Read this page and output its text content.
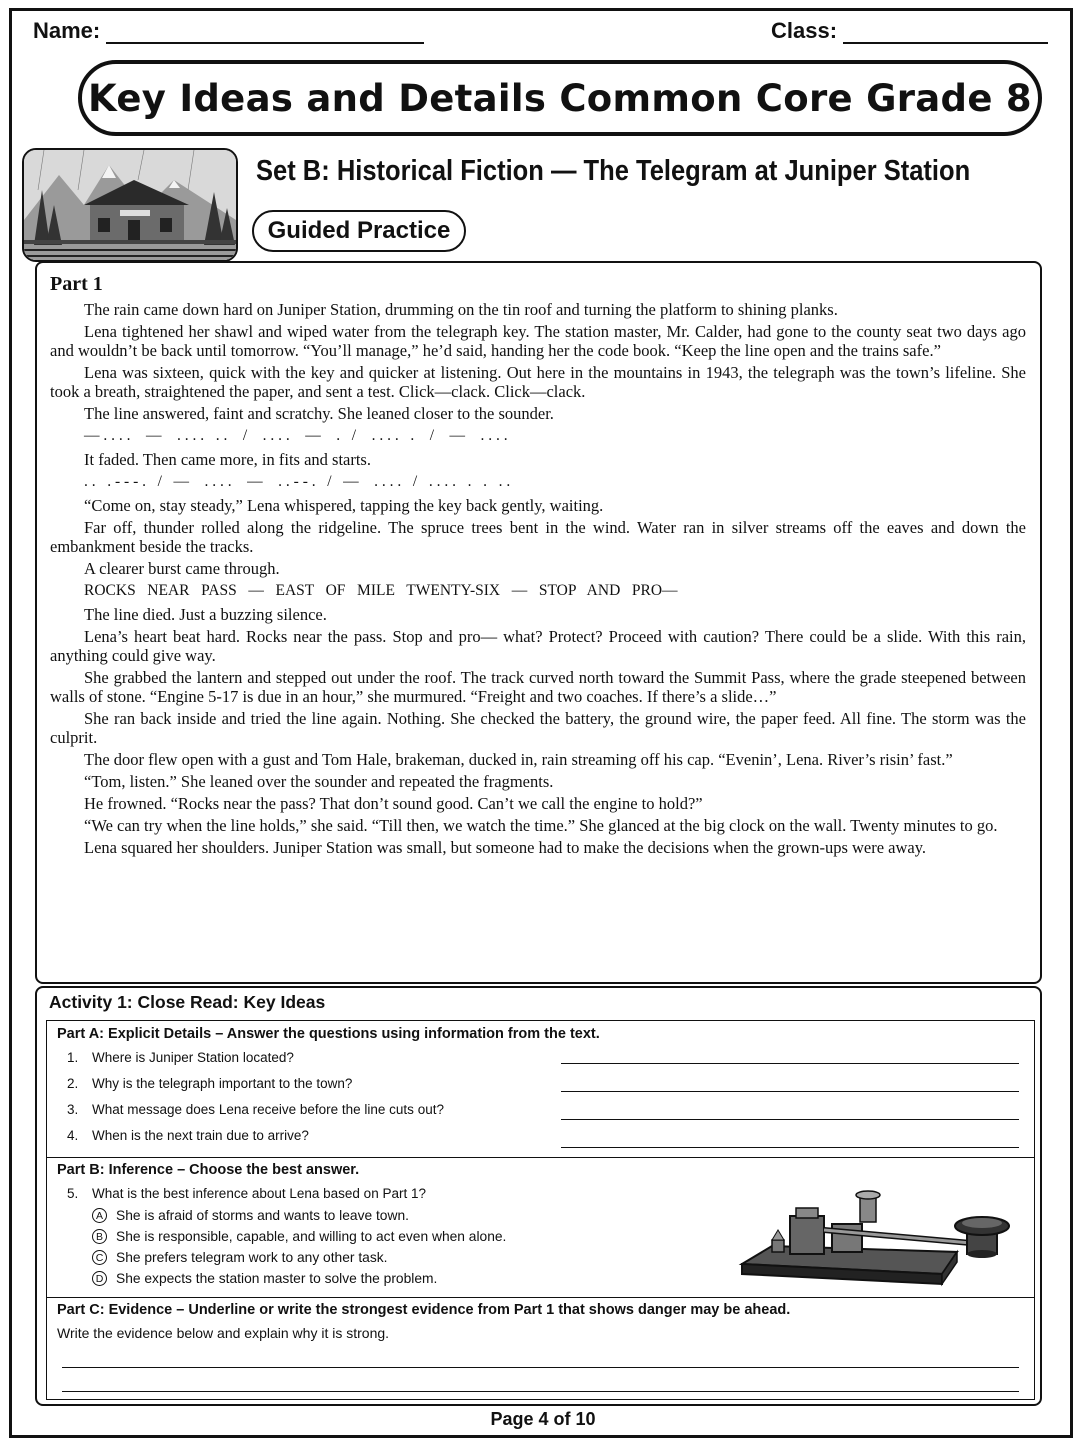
Name:	Class:
Key Ideas and Details Common Core Grade 8
Set B: Historical Fiction — The Telegram at Juniper Station
Guided Practice
Part 1

The rain came down hard on Juniper Station, drumming on the tin roof and turning the platform to shining planks.

Lena tightened her shawl and wiped water from the telegraph key. The station master, Mr. Calder, had gone to the county seat two days ago and wouldn’t be back until tomorrow. “You’ll manage,” he’d said, handing her the code book. “Keep the line open and the trains safe.”

Lena was sixteen, quick with the key and quicker at listening. Out here in the mountains in 1943, the telegraph was the town’s lifeline. She took a breath, straightened the paper, and sent a test. Click—clack. Click—clack.

The line answered, faint and scratchy. She leaned closer to the sounder.

— . . . .    —    . . . .   . .    /    . . . .    —    .   /    . . . .   .    /    —    . . . .

It faded. Then came more, in fits and starts.

. .   . - - - .   /   —    . . . .    —    . . - - .   /   —    . . . .   /   . . . .   .   .   . .

“Come on, stay steady,” Lena whispered, tapping the key back gently, waiting.

Far off, thunder rolled along the ridgeline. The spruce trees bent in the wind. Water ran in silver streams off the eaves and down the embankment beside the tracks.

A clearer burst came through.

ROCKS   NEAR   PASS   —   EAST   OF   MILE   TWENTY-SIX   —   STOP   AND   PRO—

The line died. Just a buzzing silence.

Lena’s heart beat hard. Rocks near the pass. Stop and pro— what? Protect? Proceed with caution? There could be a slide. With this rain, anything could give way.

She grabbed the lantern and stepped out under the roof. The track curved north toward the Summit Pass, where the grade steepened between walls of stone. “Engine 5-17 is due in an hour,” she murmured. “Freight and two coaches. If there’s a slide…”

She ran back inside and tried the line again. Nothing. She checked the battery, the ground wire, the paper feed. All fine. The storm was the culprit.

The door flew open with a gust and Tom Hale, brakeman, ducked in, rain streaming off his cap. “Evenin’, Lena. River’s risin’ fast.”

“Tom, listen.” She leaned over the sounder and repeated the fragments.

He frowned. “Rocks near the pass? That don’t sound good. Can’t we call the engine to hold?”

“We can try when the line holds,” she said. “Till then, we watch the time.” She glanced at the big clock on the wall. Twenty minutes to go.

Lena squared her shoulders. Juniper Station was small, but someone had to make the decisions when the grown-ups were away.

Activity 1: Close Read: Key Ideas
Part A: Explicit Details – Answer the questions using information from the text.
1. Where is Juniper Station located?
2. Why is the telegraph important to the town?
3. What message does Lena receive before the line cuts out?
4. When is the next train due to arrive?
Part B: Inference – Choose the best answer.
5. What is the best inference about Lena based on Part 1?
A She is afraid of storms and wants to leave town.
B She is responsible, capable, and willing to act even when alone.
C She prefers telegram work to any other task.
D She expects the station master to solve the problem.
Part C: Evidence – Underline or write the strongest evidence from Part 1 that shows danger may be ahead.
Write the evidence below and explain why it is strong.
Page 4 of 10
